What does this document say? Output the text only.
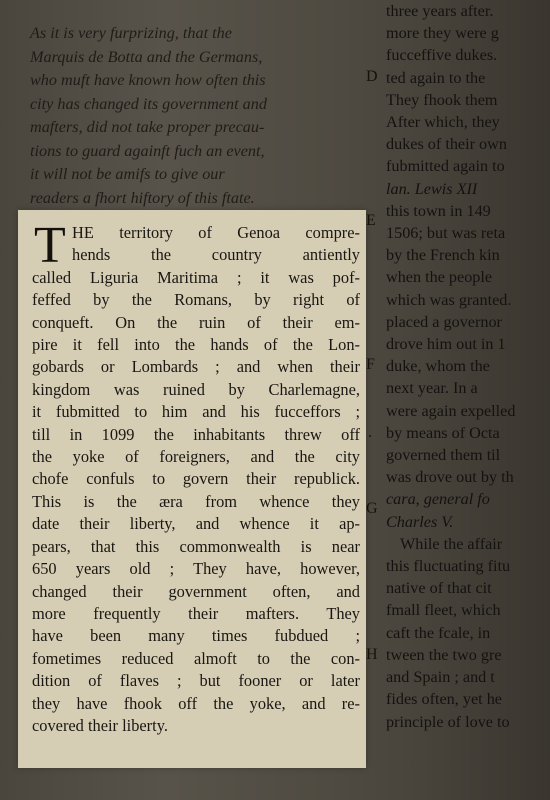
As it is very furprizing, that the
Marquis de Botta and the Germans,
who muft have known how often this
city has changed its government and
mafters, did not take proper precau-
tions to guard againft fuch an event,
it will not be amifs to give our
readers a fhort hiftory of this ftate.
T HE territory of Genoa compre-
hends the country antiently
called Liguria Maritima ; it was pof-
feffed by the Romans, by right of
conqueft. On the ruin of their em-
pire it fell into the hands of the Lon-
gobards or Lombards ; and when their
kingdom was ruined by Charlemagne,
it fubmitted to him and his fucceffors ;
till in 1099 the inhabitants threw off
the yoke of foreigners, and the city
chofe confuls to govern their republick.
This is the æra from whence they
date their liberty, and whence it ap-
pears, that this commonwealth is near
650 years old ; They have, however,
changed their government often, and
more frequently their mafters. They
have been many times fubdued ;
fometimes reduced almoft to the con-
dition of flaves ; but fooner or later
they have fhook off the yoke, and re-
covered their liberty.
D
E
F
.
G
H
three years after.
more they were g
fucceffive dukes.
ted again to the
They fhook them
After which, they
dukes of their own
fubmitted again to
lan. Lewis XII
this town in 149
1506; but was reta
by the French kin
when the people
which was granted.
placed a governor
drove him out in 1
duke, whom the
next year. In a
were again expelled
by means of Octa
governed them til
was drove out by th
cara, general fo
Charles V.
While the affair
this fluctuating fitu
native of that cit
fmall fleet, which
caft the fcale, in
tween the two gre
and Spain ; and t
fides often, yet he
principle of love to
